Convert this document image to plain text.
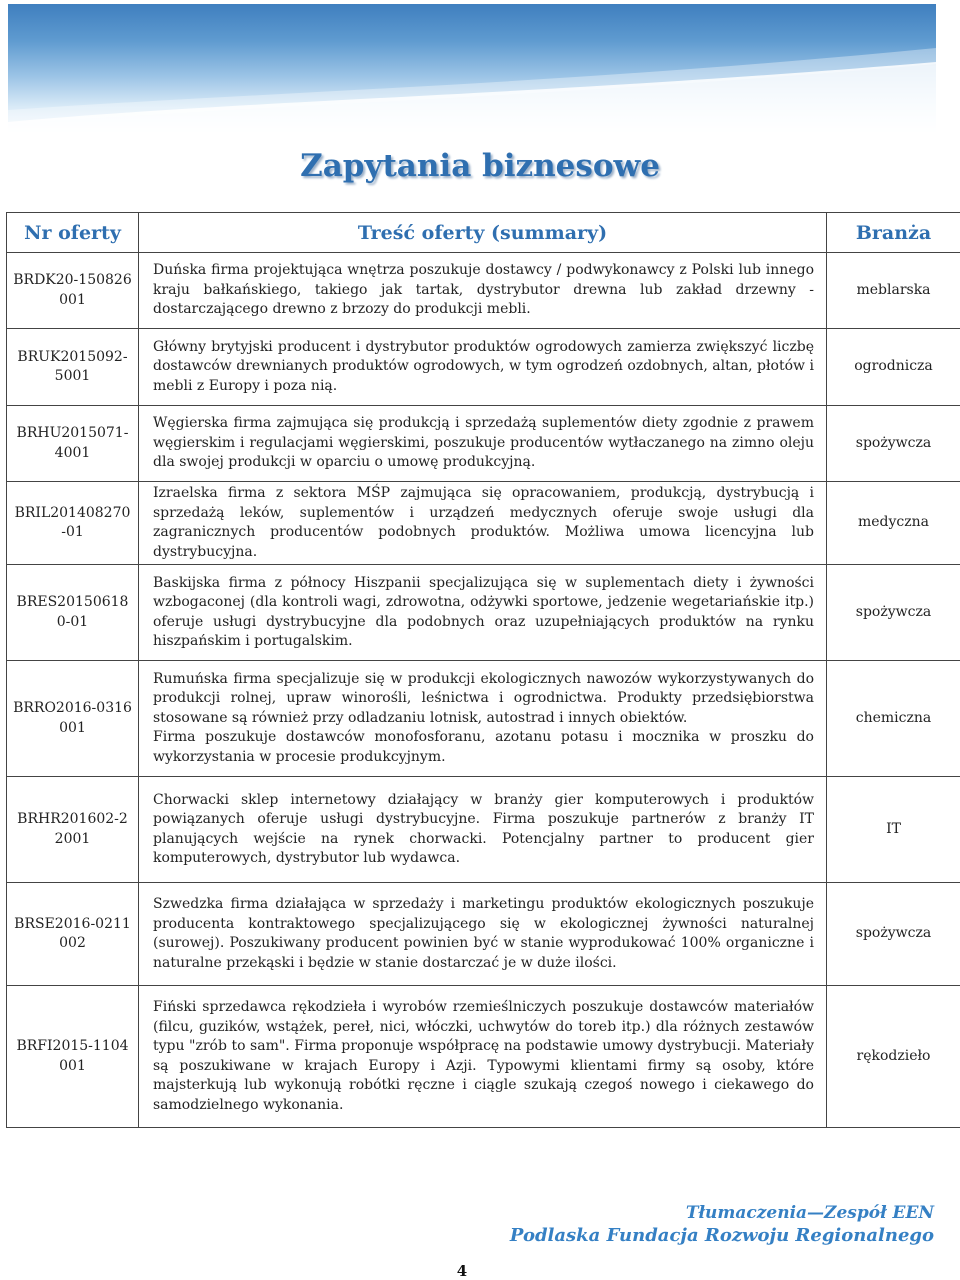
Zapytania biznesowe
Nr oferty	Treść oferty (summary)	Branża
BRDK20-150826001	Duńska firma projektująca wnętrza poszukuje dostawcy / podwykonawcy z Polski lub innego kraju bałkańskiego, takiego jak tartak, dystrybutor drewna lub zakład drzewny - dostarczającego drewno z brzozy do produkcji mebli.	meblarska
BRUK2015092-5001	Główny brytyjski producent i dystrybutor produktów ogrodowych zamierza zwiększyć liczbę dostawców drewnianych produktów ogrodowych, w tym ogrodzeń ozdobnych, altan, płotów i mebli z Europy i poza nią.	ogrodnicza
BRHU2015071-4001	Węgierska firma zajmująca się produkcją i sprzedażą suplementów diety zgodnie z prawem węgierskim i regulacjami węgierskimi, poszukuje producentów wytłaczanego na zimno oleju dla swojej produkcji w oparciu o umowę produkcyjną.	spożywcza
BRIL201408270-01	Izraelska firma z sektora MŚP zajmująca się opracowaniem, produkcją, dystrybucją i sprzedażą leków, suplementów i urządzeń medycznych oferuje swoje usługi dla zagranicznych producentów podobnych produktów. Możliwa umowa licencyjna lub dystrybucyjna.	medyczna
BRES201506180-01	Baskijska firma z północy Hiszpanii specjalizująca się w suplementach diety i żywności wzbogaconej (dla kontroli wagi, zdrowotna, odżywki sportowe, jedzenie wegetariańskie itp.) oferuje usługi dystrybucyjne dla podobnych oraz uzupełniających produktów na rynku hiszpańskim i portugalskim.	spożywcza
BRRO2016-0316001	Rumuńska firma specjalizuje się w produkcji ekologicznych nawozów wykorzystywanych do produkcji rolnej, upraw winorośli, leśnictwa i ogrodnictwa. Produkty przedsiębiorstwa stosowane są również przy odladzaniu lotnisk, autostrad i innych obiektów.
Firma poszukuje dostawców monofosforanu, azotanu potasu i mocznika w proszku do wykorzystania w procesie produkcyjnym.	chemiczna
BRHR201602-22001	Chorwacki sklep internetowy działający w branży gier komputerowych i produktów powiązanych oferuje usługi dystrybucyjne. Firma poszukuje partnerów z branży IT planujących wejście na rynek chorwacki. Potencjalny partner to producent gier komputerowych, dystrybutor lub wydawca.	IT
BRSE2016-0211002	Szwedzka firma działająca w sprzedaży i marketingu produktów ekologicznych poszukuje producenta kontraktowego specjalizującego się w ekologicznej żywności naturalnej (surowej). Poszukiwany producent powinien być w stanie wyprodukować 100% organiczne i naturalne przekąski i będzie w stanie dostarczać je w duże ilości.	spożywcza
BRFI2015-1104001	Fiński sprzedawca rękodzieła i wyrobów rzemieślniczych poszukuje dostawców materiałów (filcu, guzików, wstążek, pereł, nici, włóczki, uchwytów do toreb itp.) dla różnych zestawów typu "zrób to sam". Firma proponuje współpracę na podstawie umowy dystrybucji. Materiały są poszukiwane w krajach Europy i Azji. Typowymi klientami firmy są osoby, które majsterkują lub wykonują robótki ręczne i ciągle szukają czegoś nowego i ciekawego do samodzielnego wykonania.	rękodzieło
Tłumaczenia—Zespół EEN
Podlaska Fundacja Rozwoju Regionalnego
4
